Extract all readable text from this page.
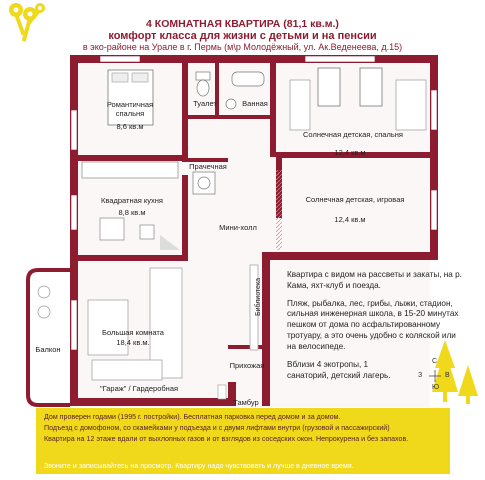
4 КОМНАТНАЯ КВАРТИРА (81,1 кв.м.)
комфорт класса для жизни с детьми и на пенсии
в эко-районе на Урале в г. Пермь (м\р Молодёжный, ул. Ак.Веденеева, д.15)
Романтичная спальня
8,6 кв.м
Туалет	Ванная
Солнечная детская, спальня
12,4 кв.м
Прачечная
Квадратная кухня
8,8 кв.м
Солнечная детская, игровая
12,4 кв.м
Мини-холл
Большая комната
18,4 кв.м.
Балкон
"Гараж" / Гардеробная
Библиотека
Прихожая
Тамбур
С
В
Ю
З

Квартира с видом на рассветы и закаты, на р. Кама, яхт-клуб и поезда.

Пляж, рыбалка, лес, грибы, лыжи, стадион, сильная инженерная школа, в 15-20 минутах пешком от дома по асфальтированному тротуару, а это очень удобно с коляской или на велосипеде.

Вблизи 4 экотропы, 1 санаторий, детский лагерь.

Дом проверен годами (1995 г. постройки). Бесплатная парковка перед домом и за домом.
Подъезд с домофоном, со скамейками у подъезда и с двумя лифтами внутри (грузовой и пассажирский)
Квартира на 12 этаже вдали от выхлопных газов и от взглядов из соседских окон. Непрокурена и без запахов.
Звоните и записывайтесь на просмотр. Квартиру надо чувствовать и лучше в дневное время.
